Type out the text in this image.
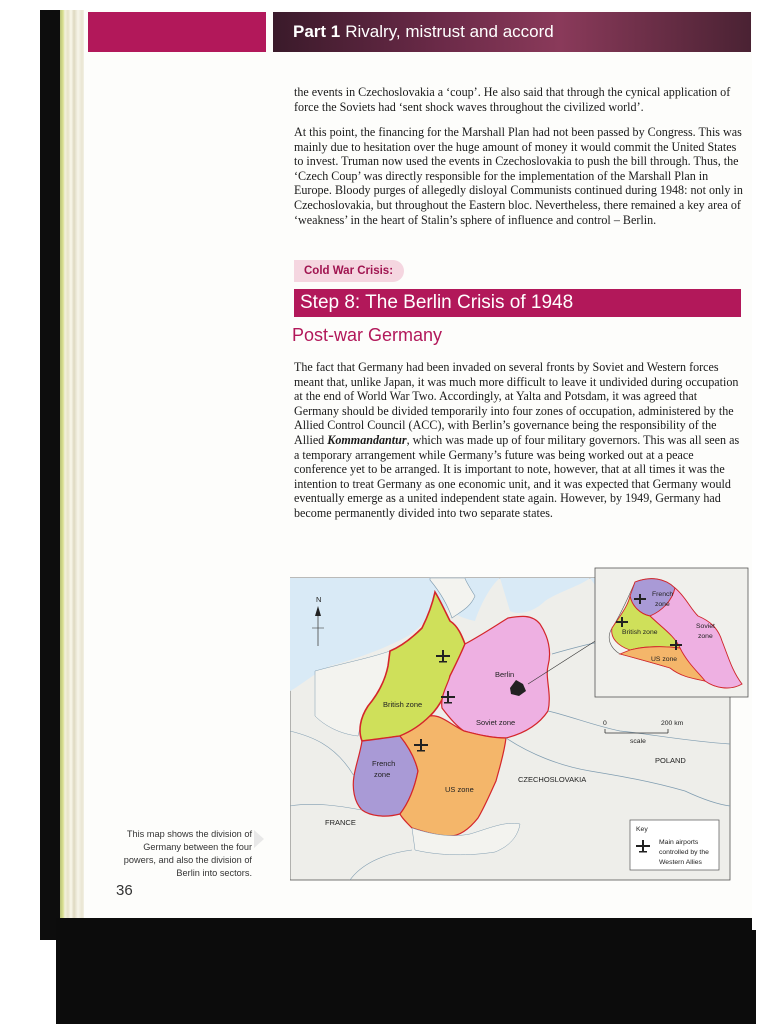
Part 1 Rivalry, mistrust and accord

the events in Czechoslovakia a ‘coup’. He also said that through the cynical application of force the Soviets had ‘sent shock waves throughout the civilized world’.

At this point, the financing for the Marshall Plan had not been passed by Congress. This was mainly due to hesitation over the huge amount of money it would commit the United States to invest. Truman now used the events in Czechoslovakia to push the bill through. Thus, the ‘Czech Coup’ was directly responsible for the implementation of the Marshall Plan in Europe. Bloody purges of allegedly disloyal Communists continued during 1948: not only in Czechoslovakia, but throughout the Eastern bloc. Nevertheless, there remained a key area of ‘weakness’ in the heart of Stalin’s sphere of influence and control – Berlin.

Cold War Crisis:
Step 8: The Berlin Crisis of 1948
Post-war Germany

The fact that Germany had been invaded on several fronts by Soviet and Western forces meant that, unlike Japan, it was much more difficult to leave it undivided during occupation at the end of World War Two. Accordingly, at Yalta and Potsdam, it was agreed that Germany should be divided temporarily into four zones of occupation, administered by the Allied Control Council (ACC), with Berlin’s governance being the responsibility of the Allied Kommandantur, which was made up of four military governors. This was all seen as a temporary arrangement while Germany’s future was being worked out at a peace conference yet to be arranged. It is important to note, however, that at all times it was the intention to treat Germany as one economic unit, and it was expected that Germany would eventually emerge as a united independent state again. However, by 1949, Germany had become permanently divided into two separate states.

N
British zone
Soviet zone
French
zone
US zone
Berlin
POLAND
CZECHOSLOVAKIA
FRANCE
0	200 km
scale
French
zone
British zone
Soviet
zone
US zone
Key
Main airports
controlled by the
Western Allies
This map shows the division of Germany between the four powers, and also the division of Berlin into sectors.
36
